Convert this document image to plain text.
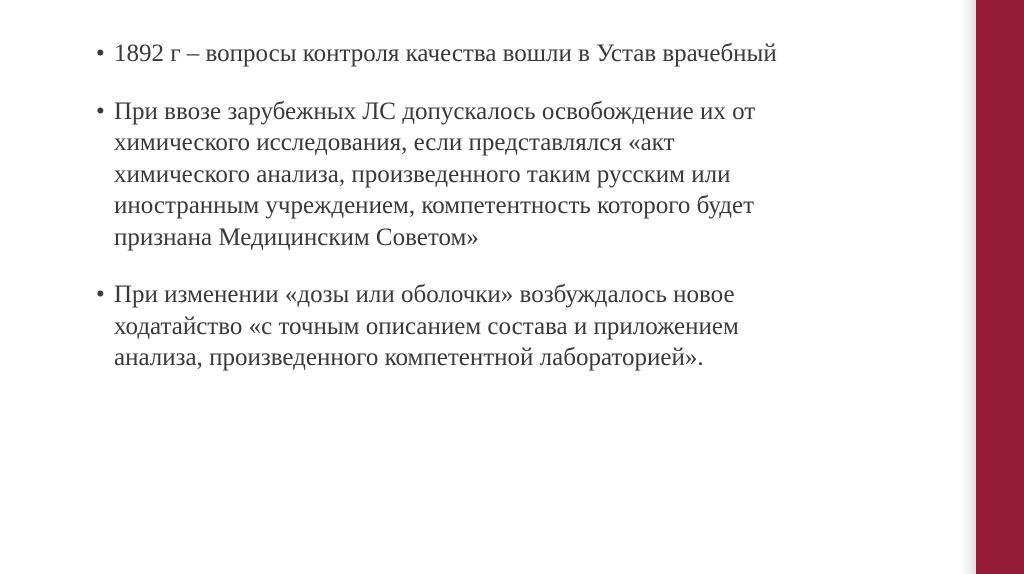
• 1892 г – вопросы контроля качества вошли в Устав врачебный
• При ввозе зарубежных ЛС допускалось освобождение их от
химического исследования, если представлялся «акт
химического анализа, произведенного таким русским или
иностранным учреждением, компетентность которого будет
признана Медицинским Советом»
• При изменении «дозы или оболочки» возбуждалось новое
ходатайство «с точным описанием состава и приложением
анализа, произведенного компетентной лабораторией».
